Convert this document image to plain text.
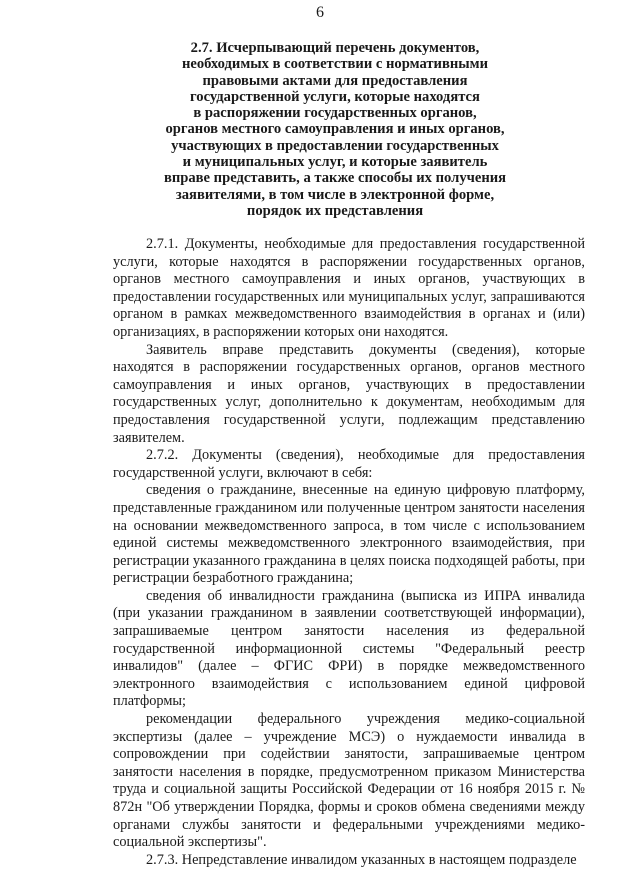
6
2.7. Исчерпывающий перечень документов,
необходимых в соответствии с нормативными
правовыми актами для предоставления
государственной услуги, которые находятся
в распоряжении государственных органов,
органов местного самоуправления и иных органов,
участвующих в предоставлении государственных
и муниципальных услуг, и которые заявитель
вправе представить, а также способы их получения
заявителями, в том числе в электронной форме,
порядок их представления

2.7.1. Документы, необходимые для предоставления государственной услуги, которые находятся в распоряжении государственных органов, органов местного самоуправления и иных органов, участвующих в предоставлении государственных или муниципальных услуг, запрашиваются органом в рамках межведомственного взаимодействия в органах и (или) организациях, в распоряжении которых они находятся.

Заявитель вправе представить документы (сведения), которые находятся в распоряжении государственных органов, органов местного самоуправления и иных органов, участвующих в предоставлении государственных услуг, дополнительно к документам, необходимым для предоставления государственной услуги, подлежащим представлению заявителем.

2.7.2. Документы (сведения), необходимые для предоставления государственной услуги, включают в себя:

сведения о гражданине, внесенные на единую цифровую платформу, представленные гражданином или полученные центром занятости населения на основании межведомственного запроса, в том числе с использованием единой системы межведомственного электронного взаимодействия, при регистрации указанного гражданина в целях поиска подходящей работы, при регистрации безработного гражданина;

сведения об инвалидности гражданина (выписка из ИПРА инвалида (при указании гражданином в заявлении соответствующей информации), запрашиваемые центром занятости населения из федеральной государственной информационной системы "Федеральный реестр инвалидов" (далее – ФГИС ФРИ) в порядке межведомственного электронного взаимодействия с использованием единой цифровой платформы;

рекомендации федерального учреждения медико-социальной экспертизы (далее – учреждение МСЭ) о нуждаемости инвалида в сопровождении при содействии занятости, запрашиваемые центром занятости населения в порядке, предусмотренном приказом Министерства труда и социальной защиты Российской Федерации от 16 ноября 2015 г. № 872н "Об утверждении Порядка, формы и сроков обмена сведениями между органами службы занятости и федеральными учреждениями медико-социальной экспертизы".

2.7.3. Непредставление инвалидом указанных в настоящем подразделе
